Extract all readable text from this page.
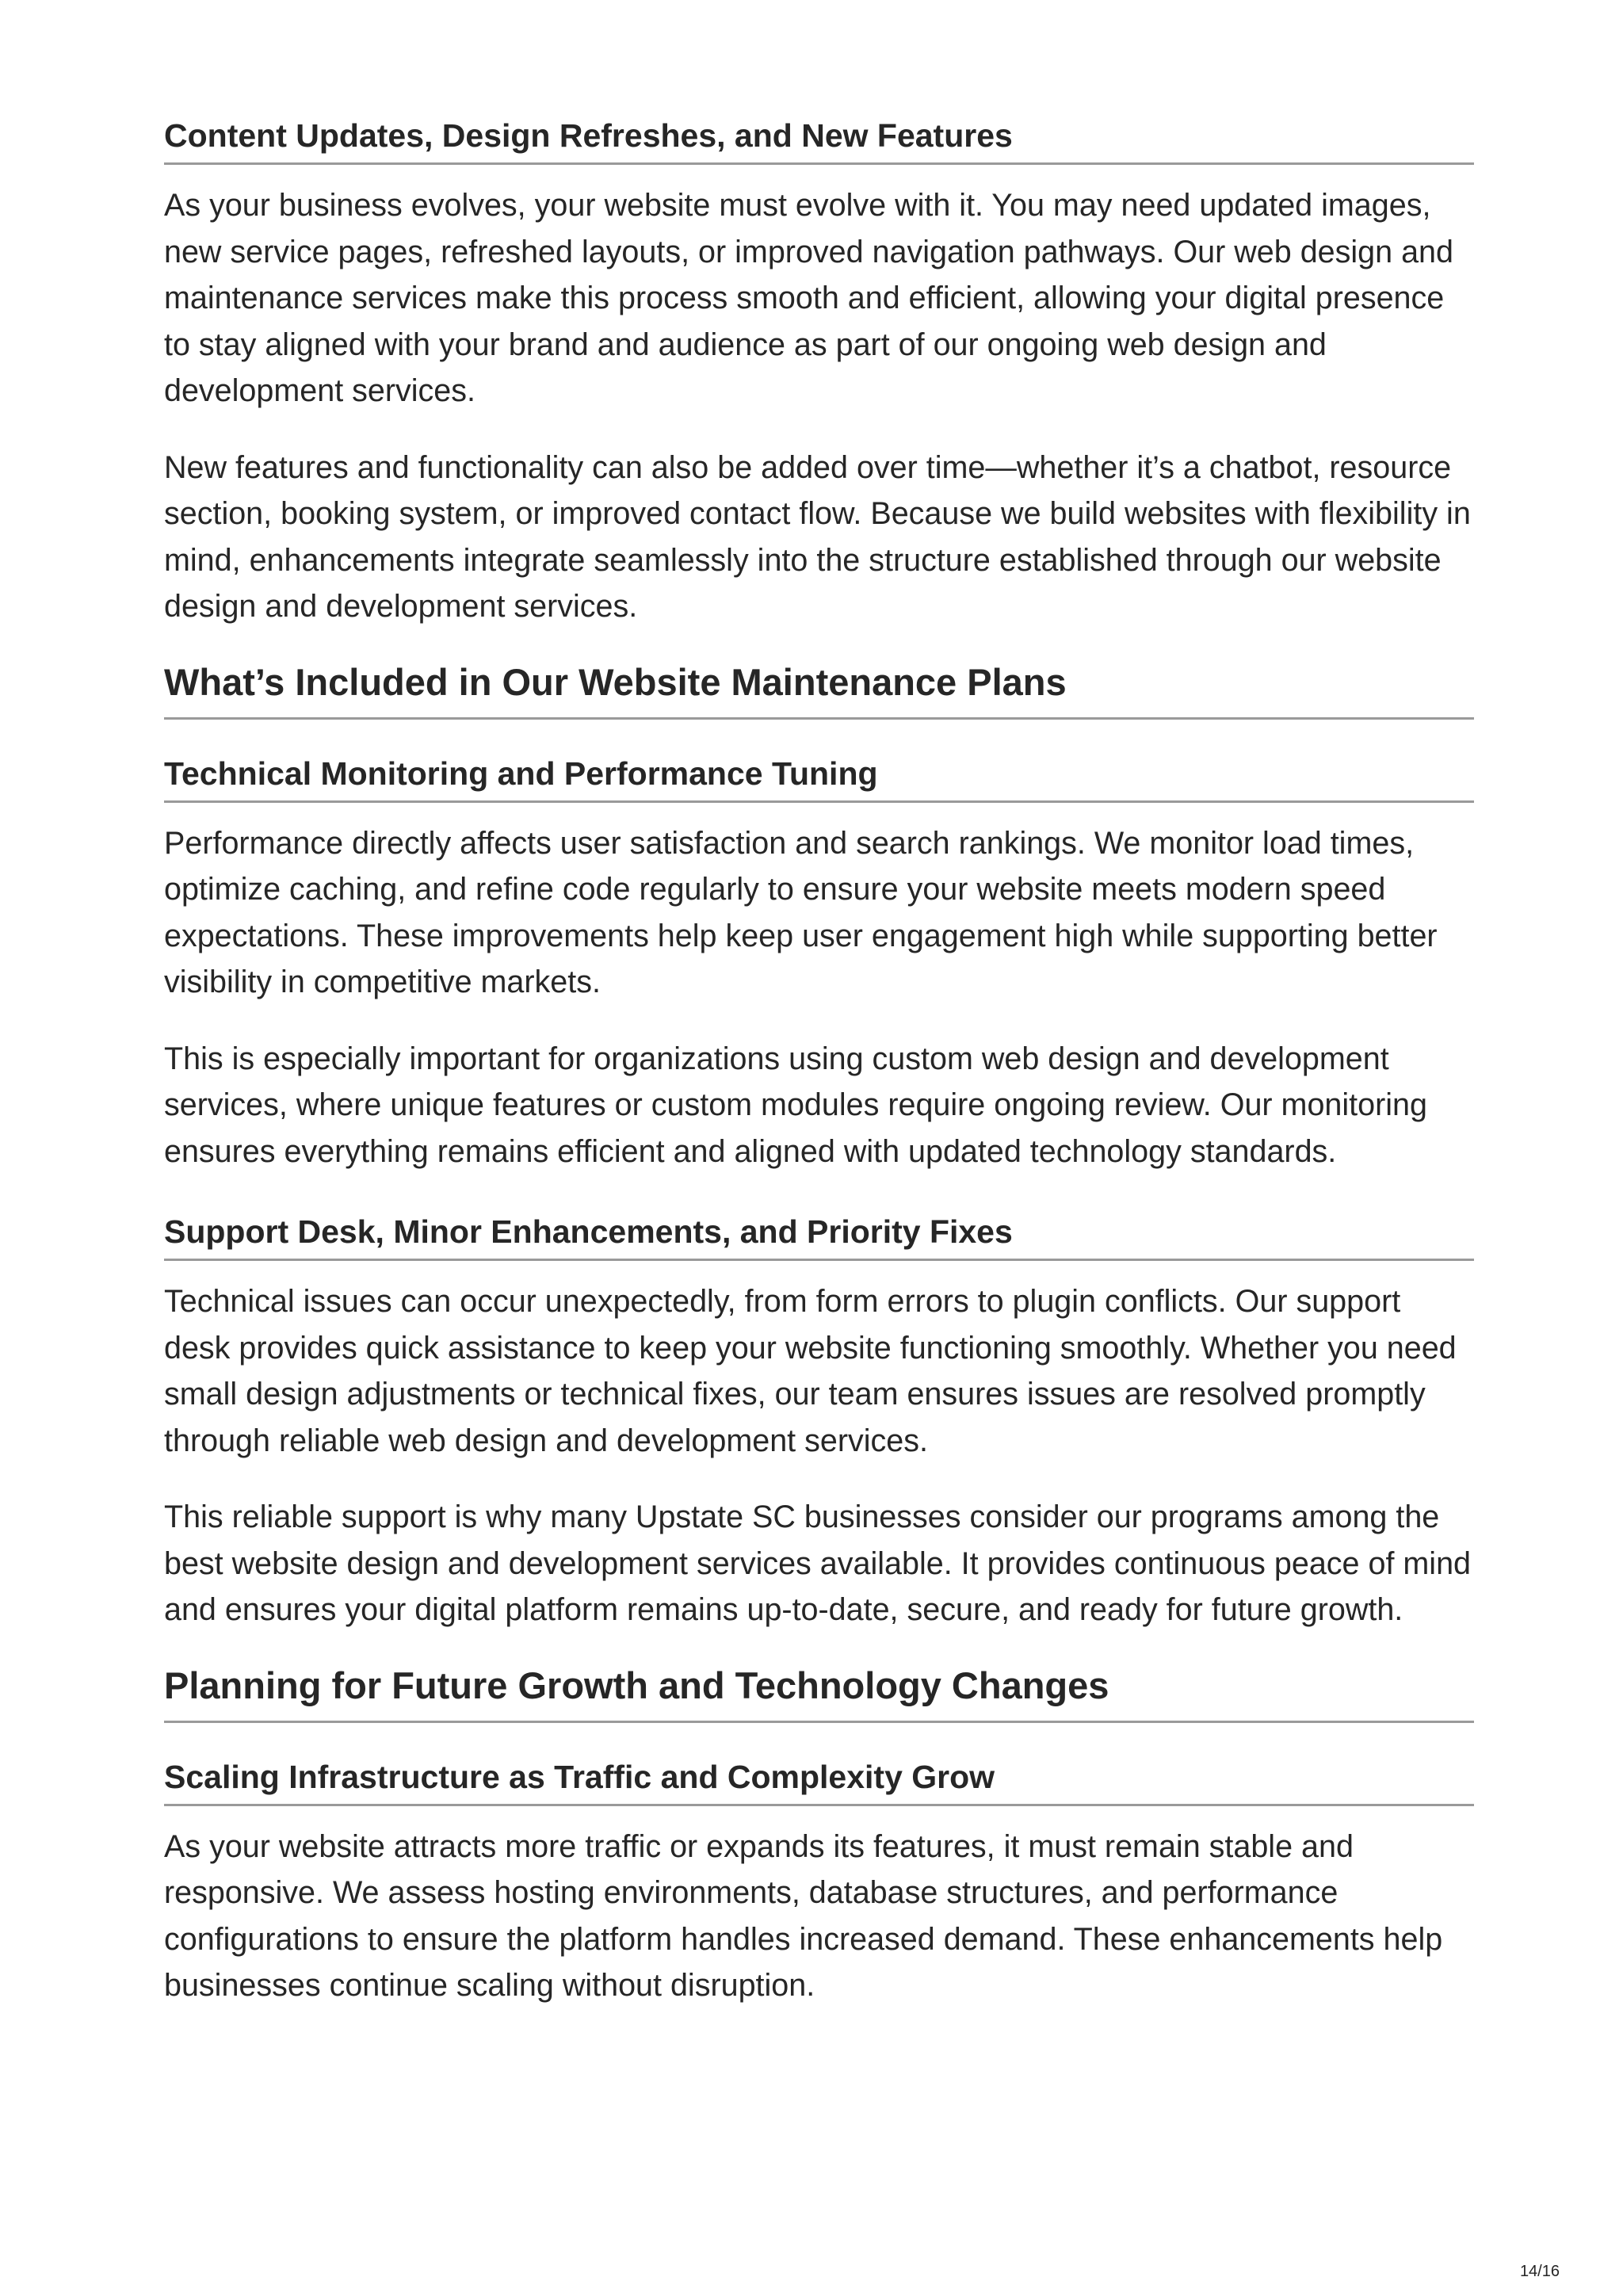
Content Updates, Design Refreshes, and New Features

As your business evolves, your website must evolve with it. You may need updated images, new service pages, refreshed layouts, or improved navigation pathways. Our web design and maintenance services make this process smooth and efficient, allowing your digital presence to stay aligned with your brand and audience as part of our ongoing web design and development services.

New features and functionality can also be added over time—whether it’s a chatbot, resource section, booking system, or improved contact flow. Because we build websites with flexibility in mind, enhancements integrate seamlessly into the structure established through our website design and development services.

What’s Included in Our Website Maintenance Plans
Technical Monitoring and Performance Tuning

Performance directly affects user satisfaction and search rankings. We monitor load times, optimize caching, and refine code regularly to ensure your website meets modern speed expectations. These improvements help keep user engagement high while supporting better visibility in competitive markets.

This is especially important for organizations using custom web design and development services, where unique features or custom modules require ongoing review. Our monitoring ensures everything remains efficient and aligned with updated technology standards.

Support Desk, Minor Enhancements, and Priority Fixes

Technical issues can occur unexpectedly, from form errors to plugin conflicts. Our support desk provides quick assistance to keep your website functioning smoothly. Whether you need small design adjustments or technical fixes, our team ensures issues are resolved promptly through reliable web design and development services.

This reliable support is why many Upstate SC businesses consider our programs among the best website design and development services available. It provides continuous peace of mind and ensures your digital platform remains up-to-date, secure, and ready for future growth.

Planning for Future Growth and Technology Changes
Scaling Infrastructure as Traffic and Complexity Grow

As your website attracts more traffic or expands its features, it must remain stable and responsive. We assess hosting environments, database structures, and performance configurations to ensure the platform handles increased demand. These enhancements help businesses continue scaling without disruption.

14/16
